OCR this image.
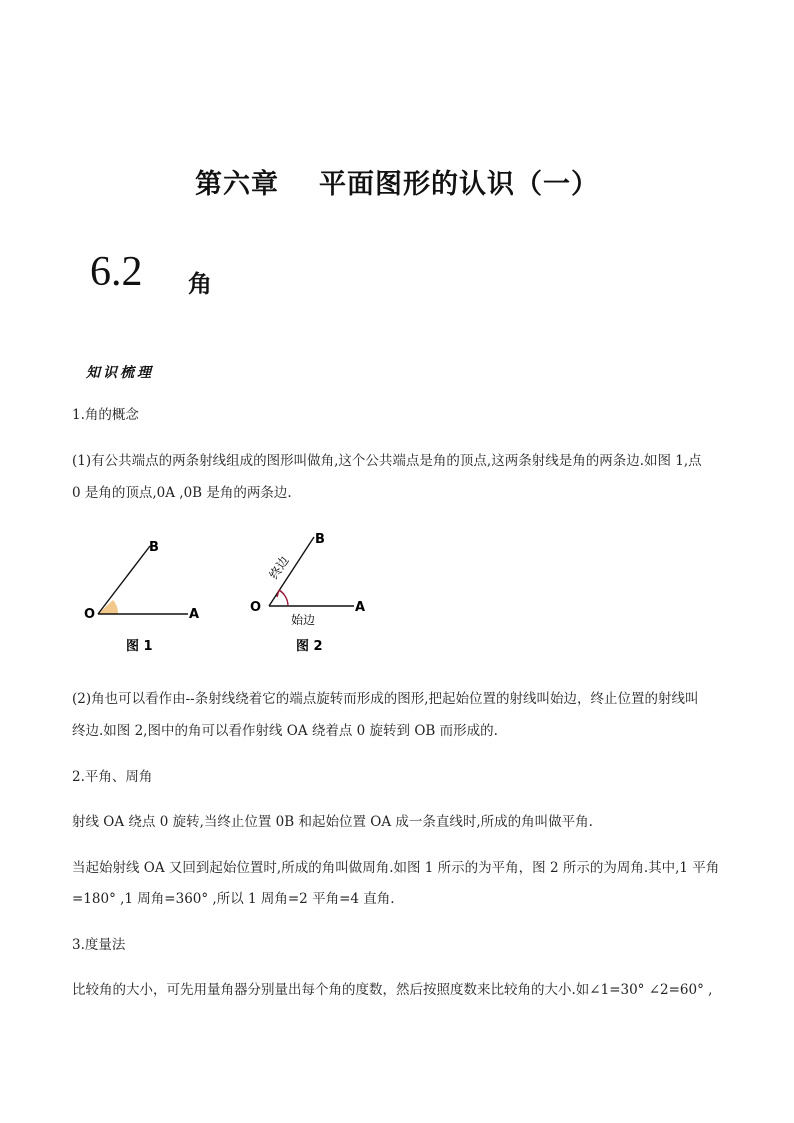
第六章 平面图形的认识（一）
6.2 角
知识梳理
1.角的概念
(1)有公共端点的两条射线组成的图形叫做角,这个公共端点是角的顶点,这两条射线是角的两条边.如图 1,点
0 是角的顶点,0A ,0B 是角的两条边.
O	A
B
图 1
O	A
B
始边
终边
图 2
(2)角也可以看作由--条射线绕着它的端点旋转而形成的图形,把起始位置的射线叫始边，终止位置的射线叫
终边.如图 2,图中的角可以看作射线 OA 绕着点 0 旋转到 OB 而形成的.
2.平角、周角
射线 OA 绕点 0 旋转,当终止位置 0B 和起始位置 OA 成一条直线时,所成的角叫做平角.
当起始射线 OA 又回到起始位置时,所成的角叫做周角.如图 1 所示的为平角，图 2 所示的为周角.其中,1 平角
=180° ,1 周角=360° ,所以 1 周角=2 平角=4 直角.
3.度量法
比较角的大小，可先用量角器分别量出每个角的度数，然后按照度数来比较角的大小.如∠1=30° ∠2=60° ,
